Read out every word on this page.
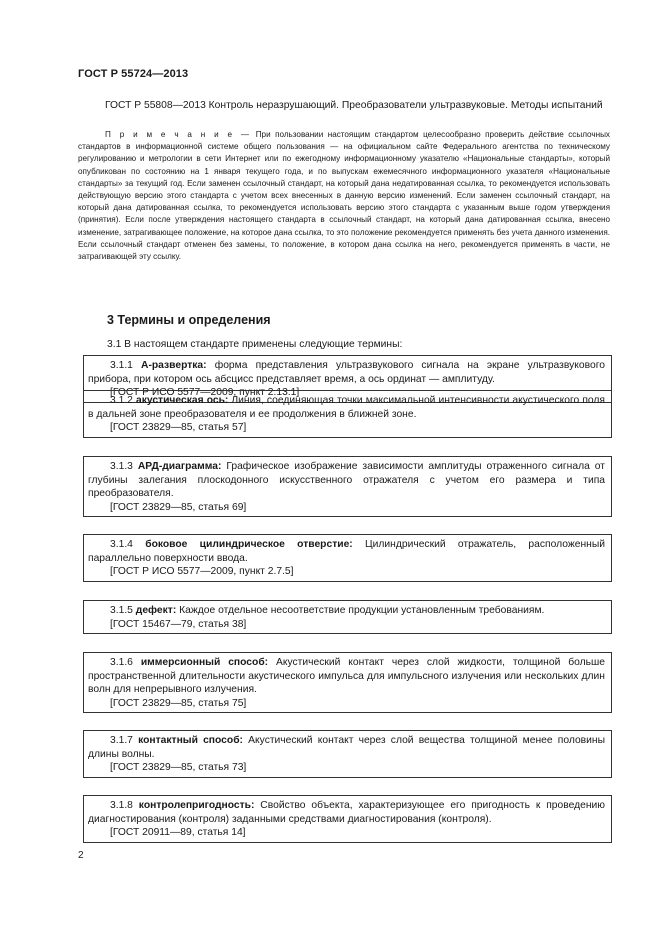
ГОСТ Р 55724—2013

ГОСТ Р 55808—2013 Контроль неразрушающий. Преобразователи ультразвуковые. Методы испытаний

П р и м е ч а н и е — При пользовании настоящим стандартом целесообразно проверить действие ссылочных стандартов в информационной системе общего пользования — на официальном сайте Федерального агентства по техническому регулированию и метрологии в сети Интернет или по ежегодному информационному указателю «Национальные стандарты», который опубликован по состоянию на 1 января текущего года, и по выпускам ежемесячного информационного указателя «Национальные стандарты» за текущий год. Если заменен ссылочный стандарт, на который дана недатированная ссылка, то рекомендуется использовать действующую версию этого стандарта с учетом всех внесенных в данную версию изменений. Если заменен ссылочный стандарт, на который дана датированная ссылка, то рекомендуется использовать версию этого стандарта с указанным выше годом утверждения (принятия). Если после утверждения настоящего стандарта в ссылочный стандарт, на который дана датированная ссылка, внесено изменение, затрагивающее положение, на которое дана ссылка, то это положение рекомендуется применять без учета данного изменения. Если ссылочный стандарт отменен без замены, то положение, в котором дана ссылка на него, рекомендуется применять в части, не затрагивающей эту ссылку.

3 Термины и определения
3.1 В настоящем стандарте применены следующие термины:
3.1.1 А-развертка: форма представления ультразвукового сигнала на экране ультразвукового прибора, при котором ось абсцисс представляет время, а ось ординат — амплитуду.
[ГОСТ Р ИСО 5577—2009, пункт 2.13.1]
3.1.2 акустическая ось: Линия, соединяющая точки максимальной интенсивности акустического поля в дальней зоне преобразователя и ее продолжения в ближней зоне.
[ГОСТ 23829—85, статья 57]
3.1.3 АРД-диаграмма: Графическое изображение зависимости амплитуды отраженного сигнала от глубины залегания плоскодонного искусственного отражателя с учетом его размера и типа преобразователя.
[ГОСТ 23829—85, статья 69]
3.1.4 боковое цилиндрическое отверстие: Цилиндрический отражатель, расположенный параллельно поверхности ввода.
[ГОСТ Р ИСО 5577—2009, пункт 2.7.5]
3.1.5 дефект: Каждое отдельное несоответствие продукции установленным требованиям.
[ГОСТ 15467—79, статья 38]
3.1.6 иммерсионный способ: Акустический контакт через слой жидкости, толщиной больше пространственной длительности акустического импульса для импульсного излучения или нескольких длин волн для непрерывного излучения.
[ГОСТ 23829—85, статья 75]
3.1.7 контактный способ: Акустический контакт через слой вещества толщиной менее половины длины волны.
[ГОСТ 23829—85, статья 73]
3.1.8 контролепригодность: Свойство объекта, характеризующее его пригодность к проведению диагностирования (контроля) заданными средствами диагностирования (контроля).
[ГОСТ 20911—89, статья 14]
2
